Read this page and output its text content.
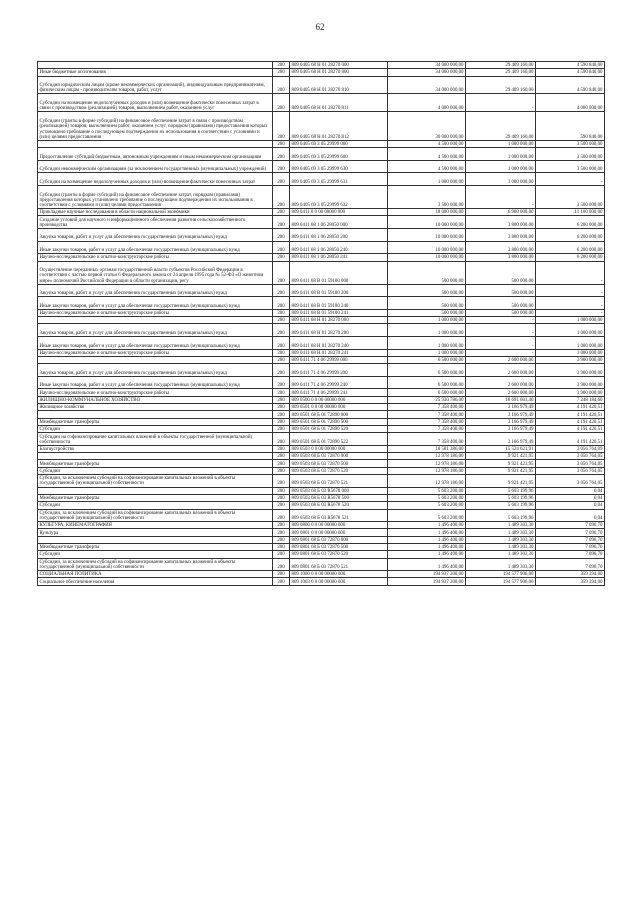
62
	200	809 0405 68 Н 01 28270 000	34 000 000,00	29 409 160,00	4 590 840,00
Иные бюджетные ассигнования	200	809 0405 68 Н 01 28270 800	34 000 000,00	29 409 160,00	4 590 840,00
Субсидии юридическим лицам (кроме некоммерческих организаций), индивидуальным предпринимателям, физическим лицам - производителям товаров, работ, услуг	200	809 0405 68 Н 01 28270 810	34 000 000,00	29 409 160,00	4 590 840,00
Субсидии на возмещение недополученных доходов и (или) возмещение фактически понесенных затрат в связи с производством (реализацией) товаров, выполнением работ, оказанием услуг	200	809 0405 68 Н 01 28270 811	4 000 000,00	-	4 000 000,00
Субсидии (гранты в форме субсидий) на финансовое обеспечение затрат в связи с производством (реализацией) товаров, выполнением работ, оказанием услуг, порядком (правилами) предоставления которых установлено требование о последующем подтверждении их использования в соответствии с условиями и (или) целями предоставления	200	809 0405 68 Н 01 28270 812	30 000 000,00	29 409 160,00	590 840,00
	200	809 0405 69 3 05 29999 000	4 500 000,00	1 000 000,00	3 500 000,00
Предоставление субсидий бюджетным, автономным учреждениям и иным некоммерческим организациям	200	809 0405 69 3 05 29999 600	4 500 000,00	1 000 000,00	3 500 000,00
Субсидии некоммерческим организациям (за исключением государственных (муниципальных) учреждений)	200	809 0405 69 3 05 29999 630	4 500 000,00	1 000 000,00	3 500 000,00
Субсидии на возмещение недополученных доходов и (или) возмещение фактически понесенных затрат	200	809 0405 69 3 05 29999 631	1 000 000,00	1 000 000,00	-
Субсидии (гранты в форме субсидий) на финансовое обеспечение затрат, порядком (правилами) предоставления которых установлено требование о последующем подтверждении их использования в соответствии с условиями и (или) целями предоставления	200	809 0405 69 3 05 29999 632	3 500 000,00	-	3 500 000,00
Прикладные научные исследования в области национальной экономики	200	809 0411 0 0 00 00000 000	18 000 000,00	6 900 000,00	11 100 000,00
Создание условий для научного и информационного обеспечения развития сельскохозяйственного производства	200	809 0411 68 1 06 28050 000	10 000 000,00	3 800 000,00	6 200 000,00
Закупка товаров, работ и услуг для обеспечения государственных (муниципальных) нужд	200	809 0411 68 1 06 28050 200	10 000 000,00	3 800 000,00	6 200 000,00
Иные закупки товаров, работ и услуг для обеспечения государственных (муниципальных) нужд	200	809 0411 68 1 06 28050 240	10 000 000,00	3 800 000,00	6 200 000,00
Научно-исследовательские и опытно-конструкторские работы	200	809 0411 68 1 06 28050 241	10 000 000,00	3 800 000,00	6 200 000,00
Осуществление переданных органам государственной власти субъектов Российской Федерации в соответствии с частью первой статьи 6 Федерального закона от 24 апреля 1995 года № 52-ФЗ «О животном мире» полномочий Российской Федерации в области организации, регу	200	809 0411 68 В 01 59100 000	500 000,00	500 000,00	-
Закупка товаров, работ и услуг для обеспечения государственных (муниципальных) нужд	200	809 0411 68 В 01 59100 200	500 000,00	500 000,00	-
Иные закупки товаров, работ и услуг для обеспечения государственных (муниципальных) нужд	200	809 0411 68 В 01 59100 240	500 000,00	500 000,00	-
Научно-исследовательские и опытно-конструкторские работы	200	809 0411 68 В 01 59100 241	500 000,00	500 000,00	-
	200	809 0411 68 Н 01 28270 000	1 000 000,00	-	1 000 000,00
Закупка товаров, работ и услуг для обеспечения государственных (муниципальных) нужд	200	809 0411 68 Н 01 28270 200	1 000 000,00	-	1 000 000,00
Иные закупки товаров, работ и услуг для обеспечения государственных (муниципальных) нужд	200	809 0411 68 Н 01 28270 240	1 000 000,00	-	1 000 000,00
Научно-исследовательские и опытно-конструкторские работы	200	809 0411 68 Н 01 28270 241	1 000 000,00	-	1 000 000,00
	200	809 0411 71 4 06 29999 000	6 500 000,00	2 600 000,00	3 900 000,00
Закупка товаров, работ и услуг для обеспечения государственных (муниципальных) нужд	200	809 0411 71 4 06 29999 200	6 500 000,00	2 600 000,00	3 900 000,00
Иные закупки товаров, работ и услуг для обеспечения государственных (муниципальных) нужд	200	809 0411 71 4 06 29999 240	6 500 000,00	2 600 000,00	3 900 000,00
Научно-исследовательские и опытно-конструкторские работы	200	809 0411 71 4 06 29999 241	6 500 000,00	2 600 000,00	3 900 000,00
ЖИЛИЩНО-КОММУНАЛЬНОЕ ХОЗЯЙСТВО	200	809 0500 0 0 00 00000 000	25 930 786,00	18 691 601,40	7 248 184,60
Жилищное хозяйство	200	809 0501 0 0 00 00000 000	7 358 400,00	3 166 979,49	4 191 420,51
	200	809 0501 68 Б 01 72890 000	7 358 400,00	3 166 979,49	4 191 420,51
Межбюджетные трансферты	200	809 0501 68 Б 01 72890 500	7 358 400,00	3 166 979,49	4 191 420,51
Субсидии	200	809 0501 68 Б 01 72890 520	7 358 400,00	3 166 979,49	4 191 420,51
Субсидии на софинансирование капитальных вложений в объекты государственной (муниципальной) собственности	200	809 0501 68 Б 01 72890 522	7 358 400,00	3 166 979,49	4 191 420,51
Благоустройство	200	809 0503 0 0 00 00000 000	18 581 386,00	15 524 621,91	3 056 764,09
	200	809 0503 68 Б 03 72870 000	12 978 186,00	9 921 421,95	3 056 764,05
Межбюджетные трансферты	200	809 0503 68 Б 03 72870 500	12 978 186,00	9 921 421,95	3 056 764,05
Субсидии	200	809 0503 68 Б 03 72870 520	12 978 186,00	9 921 421,95	3 056 764,05
Субсидии, за исключением субсидий на софинансирование капитальных вложений в объекты государственной (муниципальной) собственности	200	809 0503 68 Б 03 72870 521	12 978 186,00	9 921 421,95	3 056 764,05
	200	809 0503 68 Б 03 R5678 000	5 603 200,00	5 603 199,96	0,04
Межбюджетные трансферты	200	809 0503 68 Б 03 R5678 500	5 603 200,00	5 603 199,96	0,04
Субсидии	200	809 0503 68 Б 03 R5678 520	5 603 200,00	5 603 199,96	0,04
Субсидии, за исключением субсидий на софинансирование капитальных вложений в объекты государственной (муниципальной) собственности	200	809 0503 68 Б 03 R5678 521	5 603 200,00	5 603 199,96	0,04
КУЛЬТУРА, КИНЕМАТОГРАФИЯ	200	809 0800 0 0 00 00000 000	1 496 400,00	1 489 303,30	7 096,70
Культура	200	809 0801 0 0 00 00000 000	1 496 400,00	1 489 303,30	7 096,70
	200	809 0801 68 Б 03 72870 000	1 496 400,00	1 489 303,30	7 096,70
Межбюджетные трансферты	200	809 0801 68 Б 03 72870 500	1 496 400,00	1 489 303,30	7 096,70
Субсидии	200	809 0801 68 Б 03 72870 520	1 496 400,00	1 489 303,30	7 096,70
Субсидии, за исключением субсидий на софинансирование капитальных вложений в объекты государственной (муниципальной) собственности	200	809 0801 68 Б 03 72870 521	1 496 400,00	1 489 303,30	7 096,70
СОЦИАЛЬНАЯ ПОЛИТИКА	200	809 1000 0 0 00 00000 000	194 937 300,00	194 577 906,00	359 394,00
Социальное обеспечение населения	200	809 1003 0 0 00 00000 000	194 937 300,00	194 577 906,00	359 394,00
